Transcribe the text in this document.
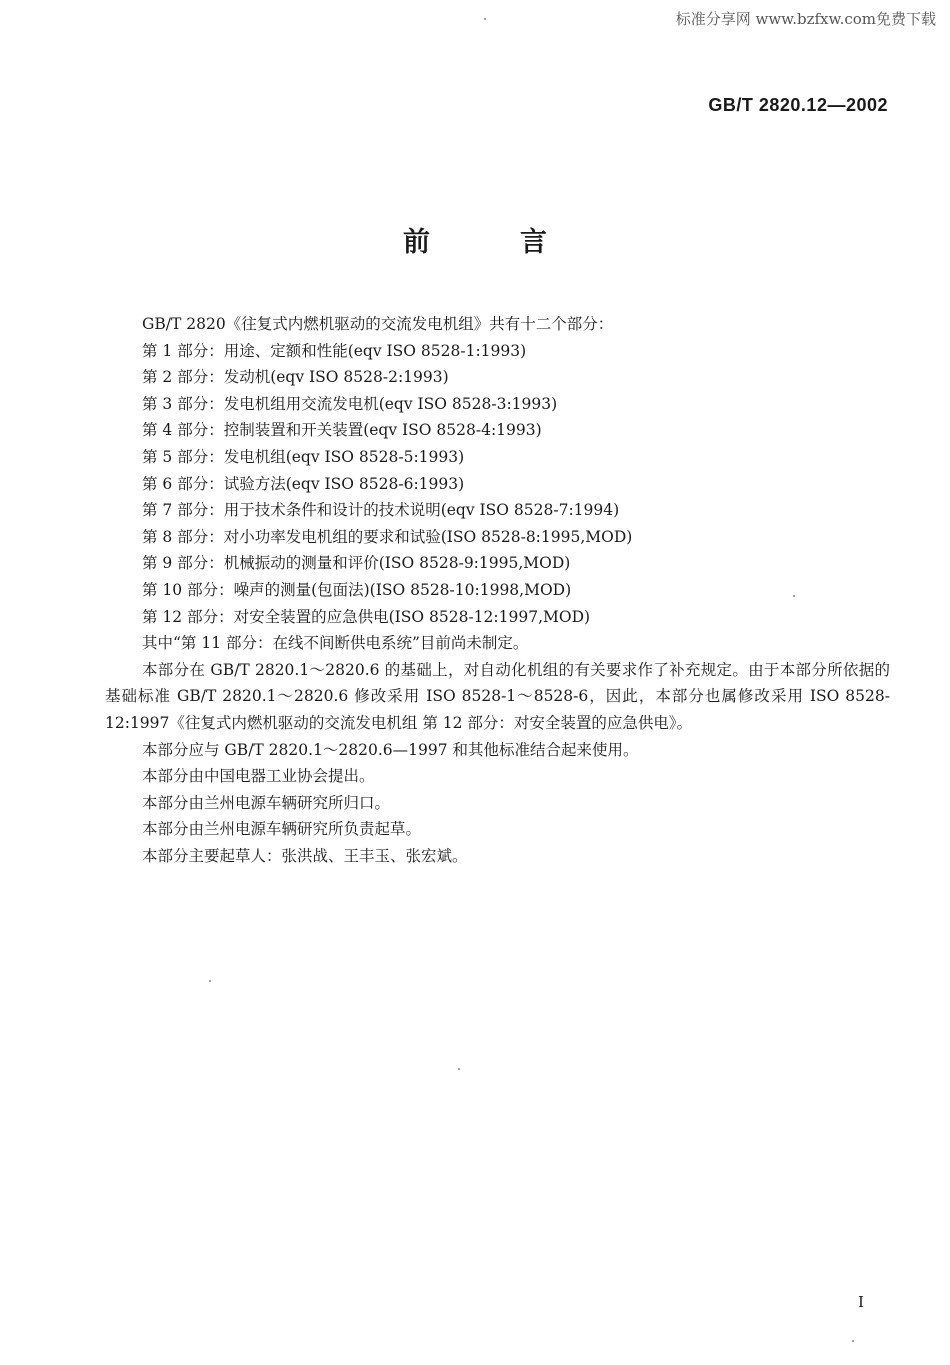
标准分享网 www.bzfxw.com免费下载
GB/T 2820.12—2002
前言

GB/T 2820《往复式内燃机驱动的交流发电机组》共有十二个部分：

第 1 部分：用途、定额和性能(eqv ISO 8528-1:1993)

第 2 部分：发动机(eqv ISO 8528-2:1993)

第 3 部分：发电机组用交流发电机(eqv ISO 8528-3:1993)

第 4 部分：控制装置和开关装置(eqv ISO 8528-4:1993)

第 5 部分：发电机组(eqv ISO 8528-5:1993)

第 6 部分：试验方法(eqv ISO 8528-6:1993)

第 7 部分：用于技术条件和设计的技术说明(eqv ISO 8528-7:1994)

第 8 部分：对小功率发电机组的要求和试验(ISO 8528-8:1995,MOD)

第 9 部分：机械振动的测量和评价(ISO 8528-9:1995,MOD)

第 10 部分：噪声的测量(包面法)(ISO 8528-10:1998,MOD)

第 12 部分：对安全装置的应急供电(ISO 8528-12:1997,MOD)

其中“第 11 部分：在线不间断供电系统”目前尚未制定。

本部分在 GB/T 2820.1～2820.6 的基础上，对自动化机组的有关要求作了补充规定。由于本部分所依据的基础标准 GB/T 2820.1～2820.6 修改采用 ISO 8528-1～8528-6，因此，本部分也属修改采用 ISO 8528-12:1997《往复式内燃机驱动的交流发电机组 第 12 部分：对安全装置的应急供电》。

本部分应与 GB/T 2820.1～2820.6—1997 和其他标准结合起来使用。

本部分由中国电器工业协会提出。

本部分由兰州电源车辆研究所归口。

本部分由兰州电源车辆研究所负责起草。

本部分主要起草人：张洪战、王丰玉、张宏斌。

I
